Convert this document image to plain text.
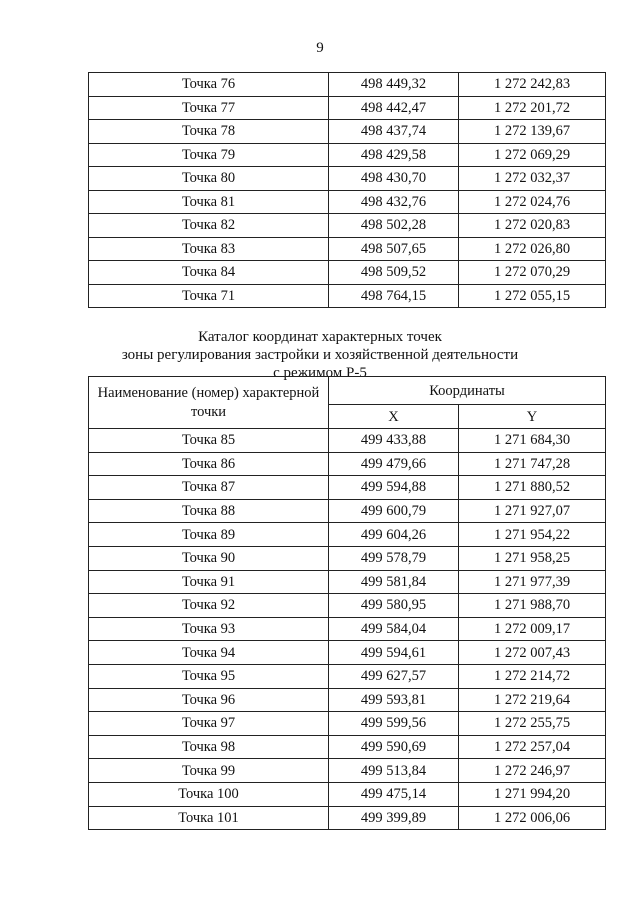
9
Точка 76	498 449,32	1 272 242,83
Точка 77	498 442,47	1 272 201,72
Точка 78	498 437,74	1 272 139,67
Точка 79	498 429,58	1 272 069,29
Точка 80	498 430,70	1 272 032,37
Точка 81	498 432,76	1 272 024,76
Точка 82	498 502,28	1 272 020,83
Точка 83	498 507,65	1 272 026,80
Точка 84	498 509,52	1 272 070,29
Точка 71	498 764,15	1 272 055,15
Каталог координат характерных точек
зоны регулирования застройки и хозяйственной деятельности
с режимом Р-5
Наименование (номер) характерной точки	Координаты	
	X	Y
Точка 85	499 433,88	1 271 684,30
Точка 86	499 479,66	1 271 747,28
Точка 87	499 594,88	1 271 880,52
Точка 88	499 600,79	1 271 927,07
Точка 89	499 604,26	1 271 954,22
Точка 90	499 578,79	1 271 958,25
Точка 91	499 581,84	1 271 977,39
Точка 92	499 580,95	1 271 988,70
Точка 93	499 584,04	1 272 009,17
Точка 94	499 594,61	1 272 007,43
Точка 95	499 627,57	1 272 214,72
Точка 96	499 593,81	1 272 219,64
Точка 97	499 599,56	1 272 255,75
Точка 98	499 590,69	1 272 257,04
Точка 99	499 513,84	1 272 246,97
Точка 100	499 475,14	1 271 994,20
Точка 101	499 399,89	1 272 006,06
